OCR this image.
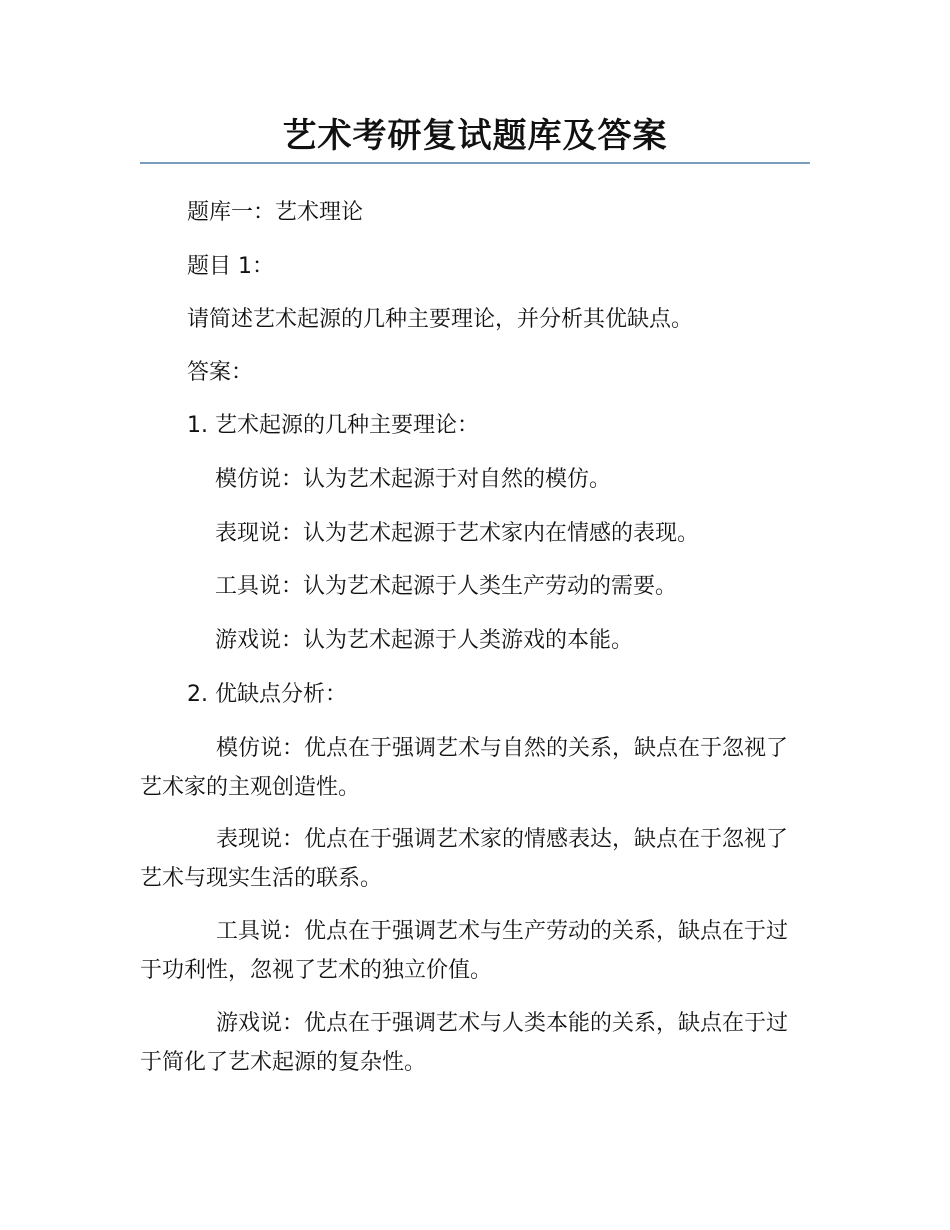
艺术考研复试题库及答案

题库一：艺术理论

题目 1：

请简述艺术起源的几种主要理论，并分析其优缺点。

答案：

1. 艺术起源的几种主要理论：

模仿说：认为艺术起源于对自然的模仿。

表现说：认为艺术起源于艺术家内在情感的表现。

工具说：认为艺术起源于人类生产劳动的需要。

游戏说：认为艺术起源于人类游戏的本能。

2. 优缺点分析：

模仿说：优点在于强调艺术与自然的关系，缺点在于忽视了艺术家的主观创造性。

表现说：优点在于强调艺术家的情感表达，缺点在于忽视了艺术与现实生活的联系。

工具说：优点在于强调艺术与生产劳动的关系，缺点在于过于功利性，忽视了艺术的独立价值。

游戏说：优点在于强调艺术与人类本能的关系，缺点在于过于简化了艺术起源的复杂性。
